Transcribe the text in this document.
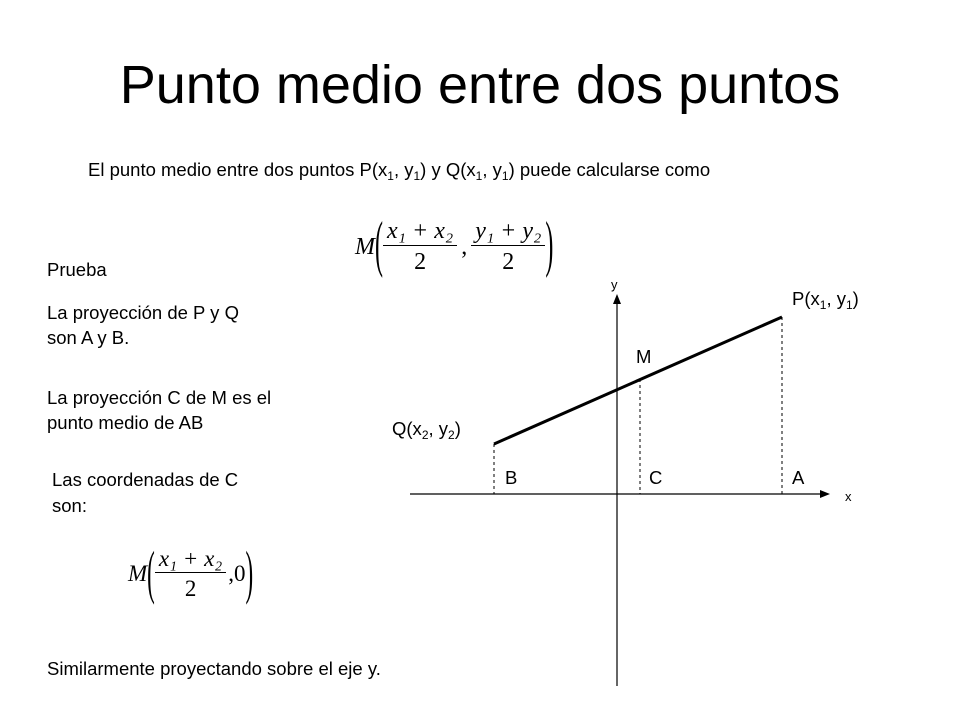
Punto medio entre dos puntos
El punto medio entre dos puntos $P(x_1$, $y_1$) y $Q(x_1$, $y_1$) puede calcularse como
M ( $\frac{\text{x₁ + x₂}}{2}$ , $\frac{\text{y₁ + y₂}}{2}$ )
Prueba
La proyección de P y Q
son A y B.
La proyección C de M es el
punto medio de AB
Las coordenadas de C
son:
M ( $\frac{\text{x₁ + x₂}}{2} ,0$ )
Similarmente proyectando sobre el eje y.
y
x
$P(x_1$, $y_1$)
$Q(x_2$, $y_2$)
M
B	C	A
